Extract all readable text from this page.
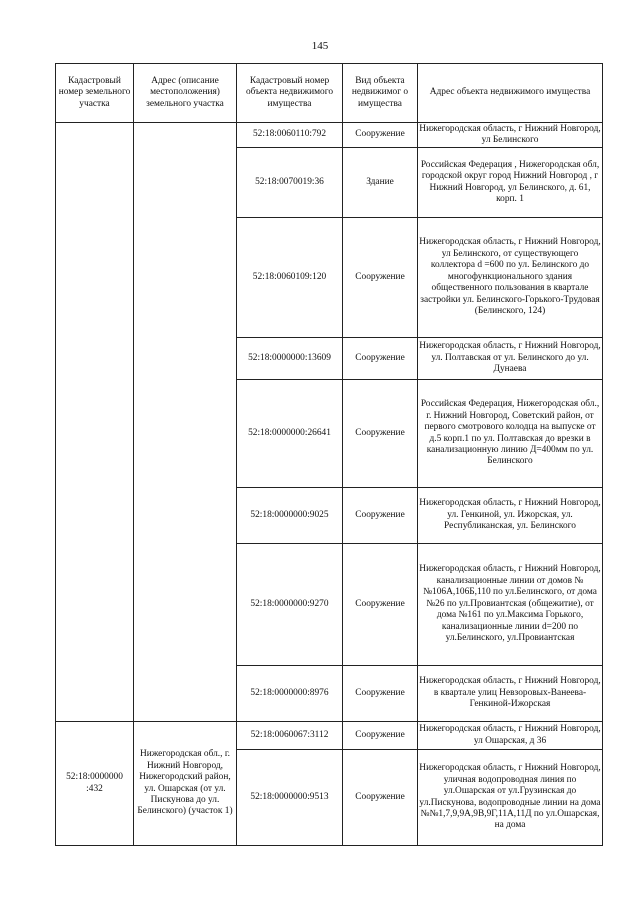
145
Кадастровый номер земельного участка	Адрес (описание местоположения) земельного участка	Кадастровый номер объекта недвижимого имущества	Вид объекта недвижимог о имущества	Адрес объекта недвижимого имущества
		52:18:0060110:792	Сооружение	Нижегородская область, г Нижний Новгород, ул Белинского
		52:18:0070019:36	Здание	Российская Федерация , Нижегородская обл, городской округ город Нижний Новгород , г Нижний Новгород, ул Белинского, д. 61, корп. 1
		52:18:0060109:120	Сооружение	Нижегородская область, г Нижний Новгород, ул Белинского, от существующего коллектора d =600 по ул. Белинского до многофункционального здания общественного пользования в квартале застройки ул. Белинского-Горького-Трудовая (Белинского, 124)
		52:18:0000000:13609	Сооружение	Нижегородская область, г Нижний Новгород, ул. Полтавская от ул. Белинского до ул. Дунаева
		52:18:0000000:26641	Сооружение	Российская Федерация, Нижегородская обл., г. Нижний Новгород, Советский район, от первого смотрового колодца на выпуске от д.5 корп.1 по ул. Полтавская до врезки в канализационную линию Д=400мм по ул. Белинского
		52:18:0000000:9025	Сооружение	Нижегородская область, г Нижний Новгород, ул. Генкиной, ул. Ижорская, ул. Республиканская, ул. Белинского
		52:18:0000000:9270	Сооружение	Нижегородская область, г Нижний Новгород, канализационные линии от домов №№106А,106Б,110 по ул.Белинского, от дома №26 по ул.Провиантская (общежитие), от дома №161 по ул.Максима Горького, канализационные линии d=200 по ул.Белинского, ул.Провиантская
		52:18:0000000:8976	Сооружение	Нижегородская область, г Нижний Новгород, в квартале улиц Невзоровых-Ванеева-Генкиной-Ижорская
52:18:0000000 :432	Нижегородская обл., г. Нижний Новгород, Нижегородский район, ул. Ошарская (от ул. Пискунова до ул. Белинского) (участок 1)	52:18:0060067:3112	Сооружение	Нижегородская область, г Нижний Новгород, ул Ошарская, д 36
		52:18:0000000:9513	Сооружение	Нижегородская область, г Нижний Новгород, уличная водопроводная линия по ул.Ошарская от ул.Грузинская до ул.Пискунова, водопроводные линии на дома №№1,7,9,9А,9В,9Г,11А,11Д по ул.Ошарская, на дома
